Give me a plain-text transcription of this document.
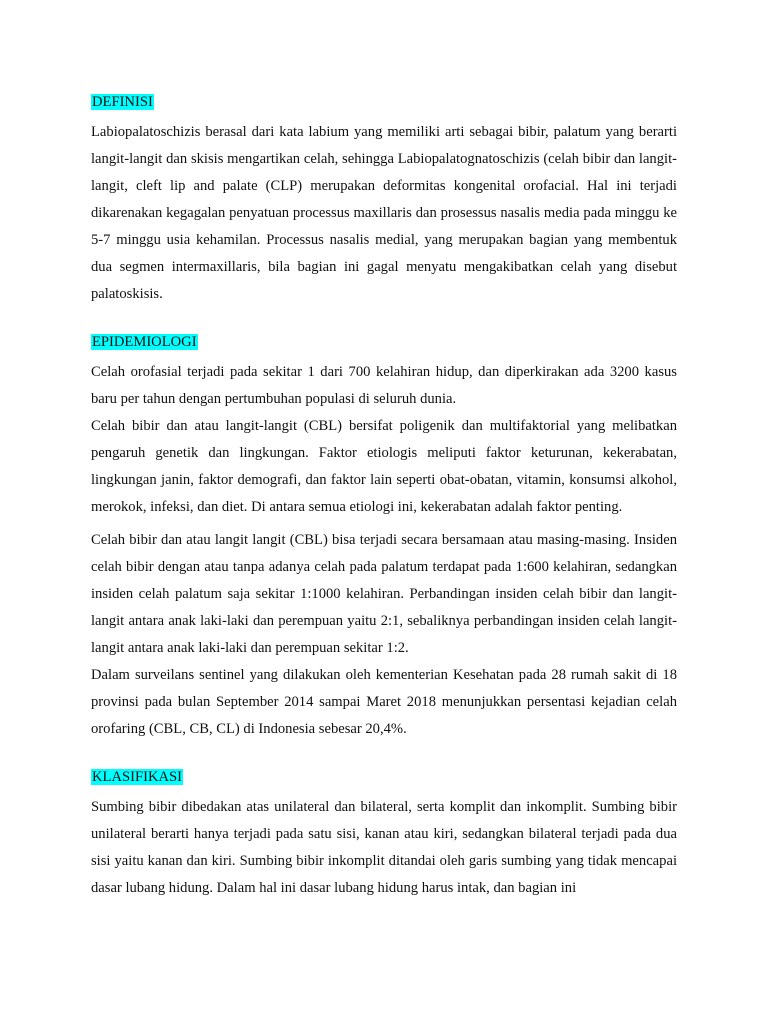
DEFINISI

Labiopalatoschizis berasal dari kata labium yang memiliki arti sebagai bibir, palatum yang berarti langit-langit dan skisis mengartikan celah, sehingga Labiopalatognatoschizis (celah bibir dan langit-langit, cleft lip and palate (CLP) merupakan deformitas kongenital orofacial. Hal ini terjadi dikarenakan kegagalan penyatuan processus maxillaris dan prosessus nasalis media pada minggu ke 5-7 minggu usia kehamilan. Processus nasalis medial, yang merupakan bagian yang membentuk dua segmen intermaxillaris, bila bagian ini gagal menyatu mengakibatkan celah yang disebut palatoskisis.

EPIDEMIOLOGI

Celah orofasial terjadi pada sekitar 1 dari 700 kelahiran hidup, dan diperkirakan ada 3200 kasus baru per tahun dengan pertumbuhan populasi di seluruh dunia.

Celah bibir dan atau langit-langit (CBL) bersifat poligenik dan multifaktorial yang melibatkan pengaruh genetik dan lingkungan. Faktor etiologis meliputi faktor keturunan, kekerabatan, lingkungan janin, faktor demografi, dan faktor lain seperti obat-obatan, vitamin, konsumsi alkohol, merokok, infeksi, dan diet. Di antara semua etiologi ini, kekerabatan adalah faktor penting.

Celah bibir dan atau langit langit (CBL) bisa terjadi secara bersamaan atau masing-masing. Insiden celah bibir dengan atau tanpa adanya celah pada palatum terdapat pada 1:600 kelahiran, sedangkan insiden celah palatum saja sekitar 1:1000 kelahiran. Perbandingan insiden celah bibir dan langit-langit antara anak laki-laki dan perempuan yaitu 2:1, sebaliknya perbandingan insiden celah langit-langit antara anak laki-laki dan perempuan sekitar 1:2.

Dalam surveilans sentinel yang dilakukan oleh kementerian Kesehatan pada 28 rumah sakit di 18 provinsi pada bulan September 2014 sampai Maret 2018 menunjukkan persentasi kejadian celah orofaring (CBL, CB, CL) di Indonesia sebesar 20,4%.

KLASIFIKASI

Sumbing bibir dibedakan atas unilateral dan bilateral, serta komplit dan inkomplit. Sumbing bibir unilateral berarti hanya terjadi pada satu sisi, kanan atau kiri, sedangkan bilateral terjadi pada dua sisi yaitu kanan dan kiri. Sumbing bibir inkomplit ditandai oleh garis sumbing yang tidak mencapai dasar lubang hidung. Dalam hal ini dasar lubang hidung harus intak, dan bagian ini
